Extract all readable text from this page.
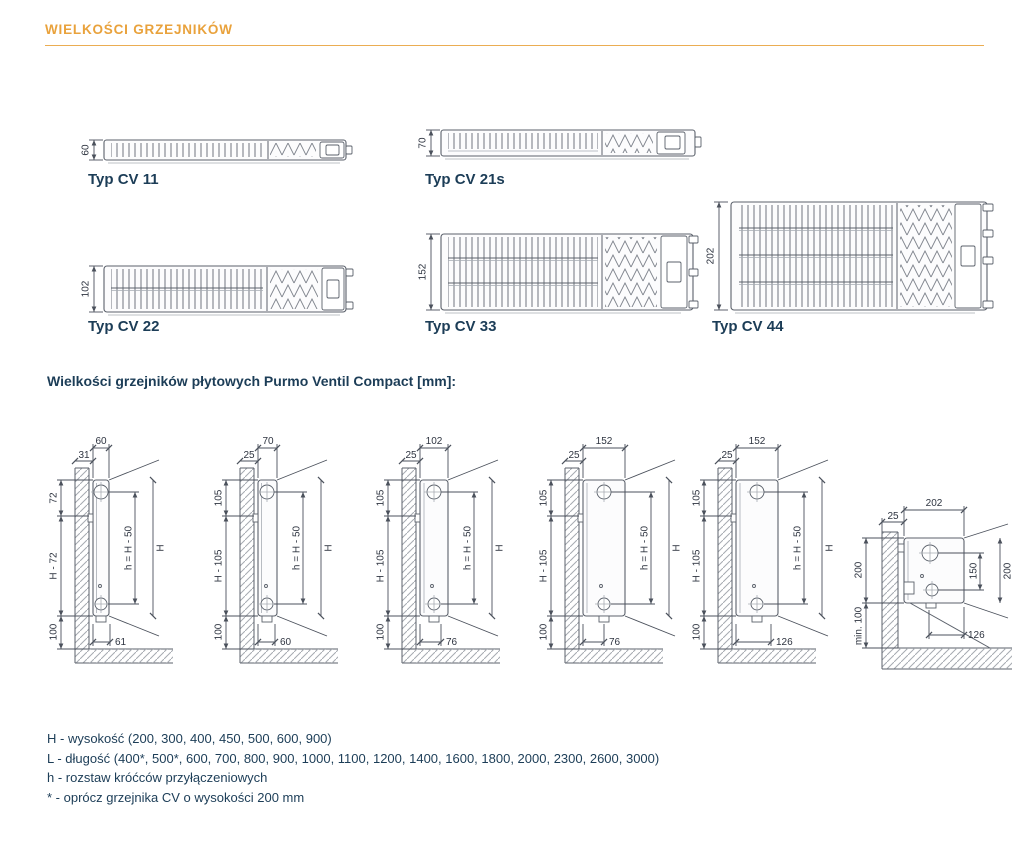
WIELKOŚCI GRZEJNIKÓW
60
Typ CV 11
70
Typ CV 21s
102
Typ CV 22
152
Typ CV 33
202
Typ CV 44
Wielkości grzejników płytowych Purmo Ventil Compact [mm]:
60
31
72
H - 72
100
h = H - 50 H
61
70
25
105
H - 105
100
h = H - 50 H
60
102
25
105
H - 105
100
h = H - 50 H
76
152
25
105
H - 105
100
h = H - 50 H
76
152
25
105
H - 105
100
h = H - 50 H
126
202
25
200
min. 100
150 200
126
H - wysokość (200, 300, 400, 450, 500, 600, 900)
L - długość (400*, 500*, 600, 700, 800, 900, 1000, 1100, 1200, 1400, 1600, 1800, 2000, 2300, 2600, 3000)
h - rozstaw króćców przyłączeniowych
* - oprócz grzejnika CV o wysokości 200 mm
